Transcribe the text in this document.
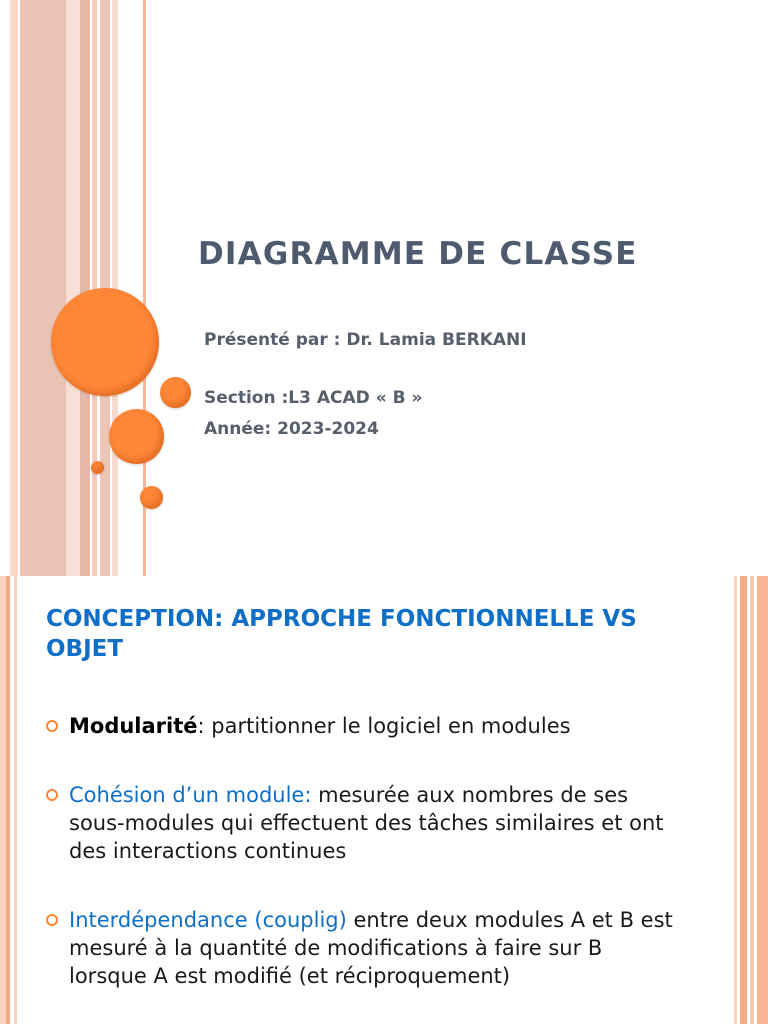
DIAGRAMME DE CLASSE
Présenté par : Dr. Lamia BERKANI
Section :L3 ACAD « B »
Année: 2023-2024
CONCEPTION: APPROCHE FONCTIONNELLE VS OBJET
Modularité: partitionner le logiciel en modules
Cohésion d’un module: mesurée aux nombres de ses sous-modules qui effectuent des tâches similaires et ont des interactions continues
Interdépendance (couplig) entre deux modules A et B est mesuré à la quantité de modifications à faire sur B lorsque A est modifié (et réciproquement)
